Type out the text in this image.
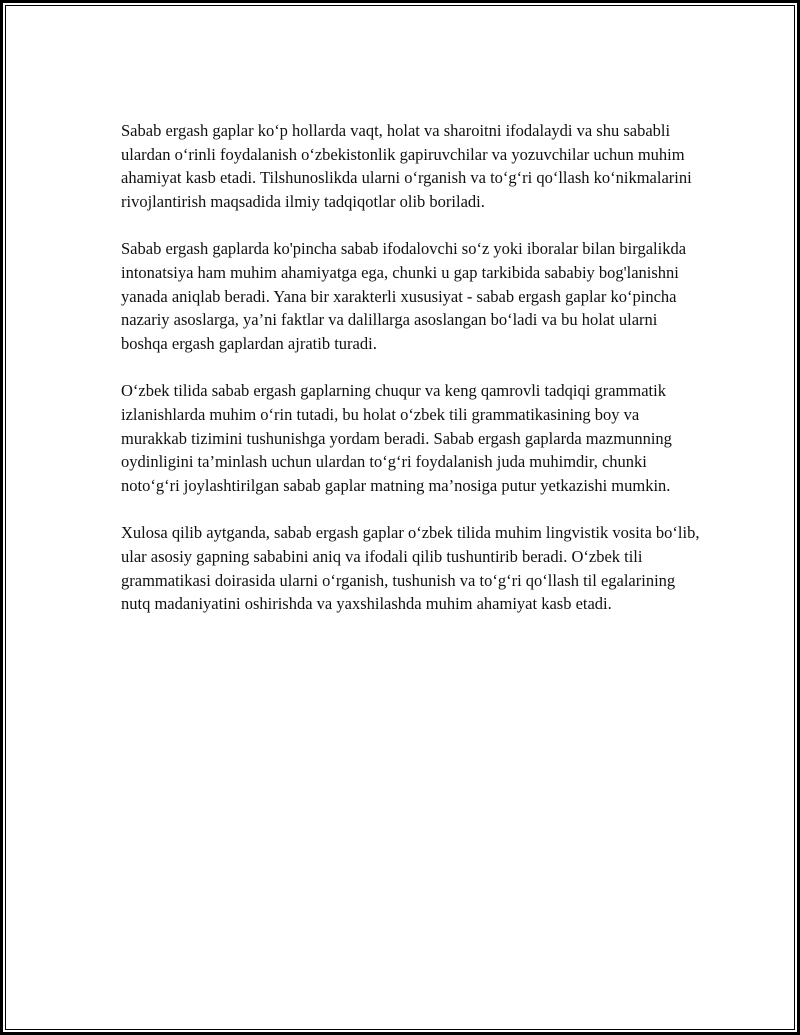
Sabab ergash gaplar ko‘p hollarda vaqt, holat va sharoitni ifodalaydi va shu sababli ulardan o‘rinli foydalanish o‘zbekistonlik gapiruvchilar va yozuvchilar uchun muhim ahamiyat kasb etadi. Tilshunoslikda ularni o‘rganish va to‘g‘ri qo‘llash ko‘nikmalarini rivojlantirish maqsadida ilmiy tadqiqotlar olib boriladi.

Sabab ergash gaplarda ko'pincha sabab ifodalovchi so‘z yoki iboralar bilan birgalikda intonatsiya ham muhim ahamiyatga ega, chunki u gap tarkibida sababiy bog'lanishni yanada aniqlab beradi. Yana bir xarakterli xususiyat - sabab ergash gaplar ko‘pincha nazariy asoslarga, ya’ni faktlar va dalillarga asoslangan bo‘ladi va bu holat ularni boshqa ergash gaplardan ajratib turadi.

O‘zbek tilida sabab ergash gaplarning chuqur va keng qamrovli tadqiqi grammatik izlanishlarda muhim o‘rin tutadi, bu holat o‘zbek tili grammatikasining boy va murakkab tizimini tushunishga yordam beradi. Sabab ergash gaplarda mazmunning oydinligini ta’minlash uchun ulardan to‘g‘ri foydalanish juda muhimdir, chunki noto‘g‘ri joylashtirilgan sabab gaplar matning ma’nosiga putur yetkazishi mumkin.

Xulosa qilib aytganda, sabab ergash gaplar o‘zbek tilida muhim lingvistik vosita bo‘lib, ular asosiy gapning sababini aniq va ifodali qilib tushuntirib beradi. O‘zbek tili grammatikasi doirasida ularni o‘rganish, tushunish va to‘g‘ri qo‘llash til egalarining nutq madaniyatini oshirishda va yaxshilashda muhim ahamiyat kasb etadi.
